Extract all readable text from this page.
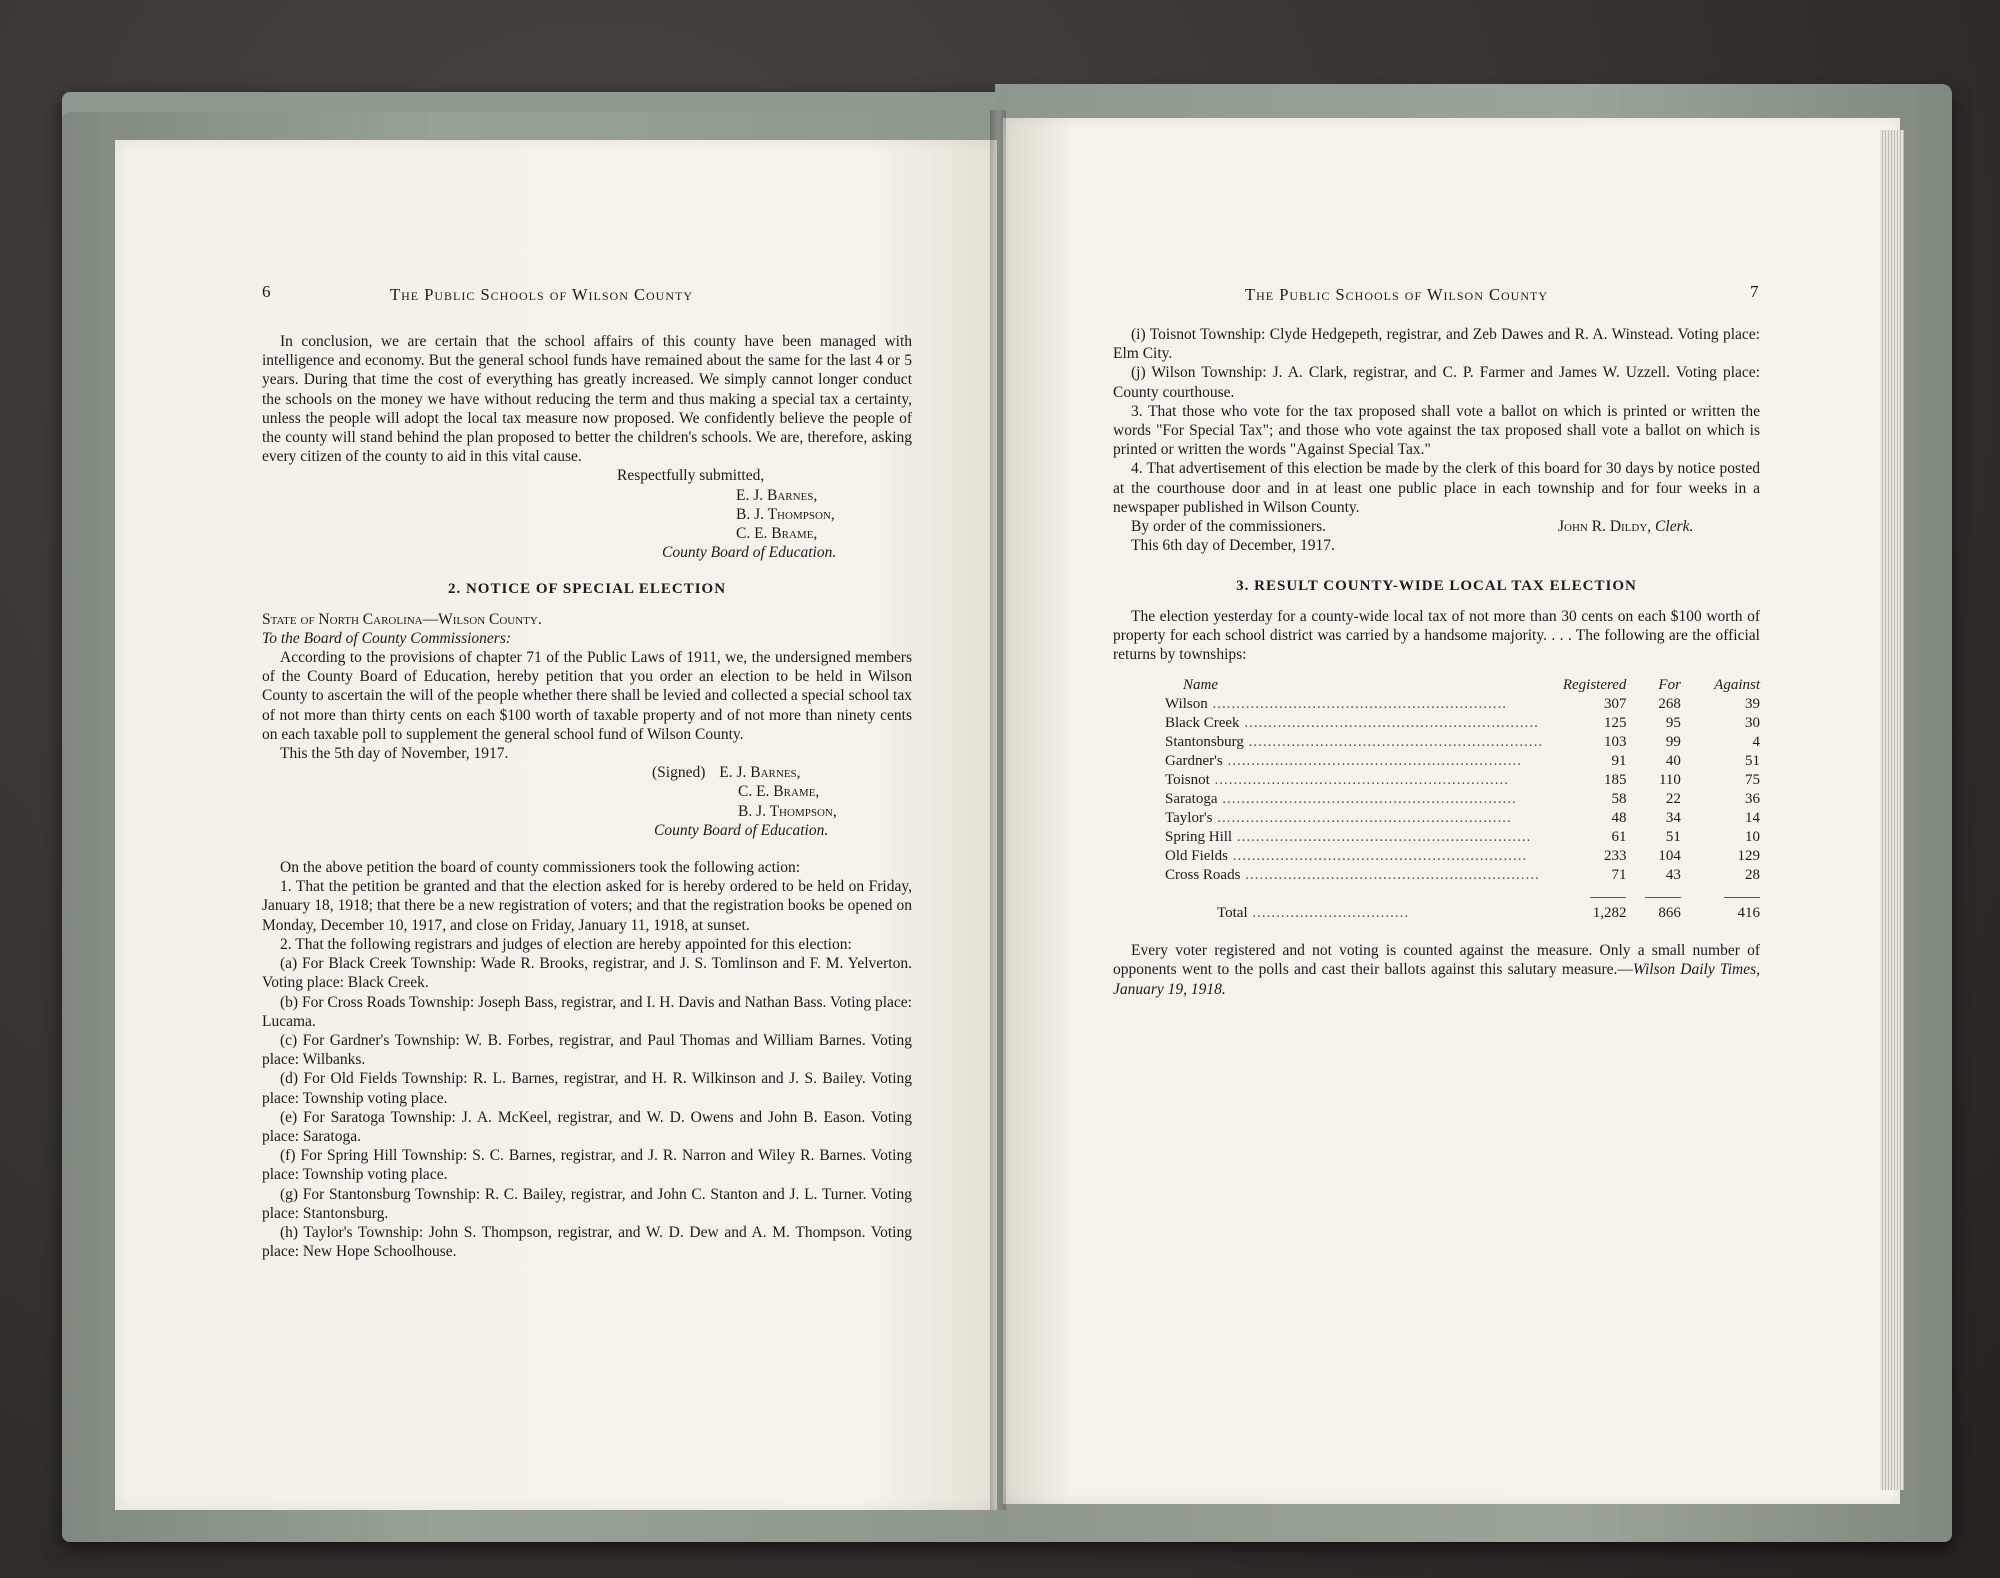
6	The Public Schools of Wilson County

In conclusion, we are certain that the school affairs of this county have been managed with intelligence and economy. But the general school funds have remained about the same for the last 4 or 5 years. During that time the cost of everything has greatly increased. We simply cannot longer conduct the schools on the money we have without reducing the term and thus making a special tax a certainty, unless the people will adopt the local tax measure now proposed. We confidently believe the people of the county will stand behind the plan proposed to better the children's schools. We are, therefore, asking every citizen of the county to aid in this vital cause.

Respectfully submitted,
E. J. Barnes,
B. J. Thompson,
C. E. Brame,
County Board of Education.
2. NOTICE OF SPECIAL ELECTION
State of North Carolina—Wilson County.
To the Board of County Commissioners:

According to the provisions of chapter 71 of the Public Laws of 1911, we, the undersigned members of the County Board of Education, hereby petition that you order an election to be held in Wilson County to ascertain the will of the people whether there shall be levied and collected a special school tax of not more than thirty cents on each $100 worth of taxable property and of not more than ninety cents on each taxable poll to supplement the general school fund of Wilson County.

This the 5th day of November, 1917.
(Signed) E. J. Barnes,
C. E. Brame,
B. J. Thompson,
County Board of Education.

On the above petition the board of county commissioners took the following action:

1. That the petition be granted and that the election asked for is hereby ordered to be held on Friday, January 18, 1918; that there be a new registration of voters; and that the registration books be opened on Monday, December 10, 1917, and close on Friday, January 11, 1918, at sunset.

2. That the following registrars and judges of election are hereby appointed for this election:

(a) For Black Creek Township: Wade R. Brooks, registrar, and J. S. Tomlinson and F. M. Yelverton. Voting place: Black Creek.

(b) For Cross Roads Township: Joseph Bass, registrar, and I. H. Davis and Nathan Bass. Voting place: Lucama.

(c) For Gardner's Township: W. B. Forbes, registrar, and Paul Thomas and William Barnes. Voting place: Wilbanks.

(d) For Old Fields Township: R. L. Barnes, registrar, and H. R. Wilkinson and J. S. Bailey. Voting place: Township voting place.

(e) For Saratoga Township: J. A. McKeel, registrar, and W. D. Owens and John B. Eason. Voting place: Saratoga.

(f) For Spring Hill Township: S. C. Barnes, registrar, and J. R. Narron and Wiley R. Barnes. Voting place: Township voting place.

(g) For Stantonsburg Township: R. C. Bailey, registrar, and John C. Stanton and J. L. Turner. Voting place: Stantonsburg.

(h) Taylor's Township: John S. Thompson, registrar, and W. D. Dew and A. M. Thompson. Voting place: New Hope Schoolhouse.

The Public Schools of Wilson County	7

(i) Toisnot Township: Clyde Hedgepeth, registrar, and Zeb Dawes and R. A. Winstead. Voting place: Elm City.

(j) Wilson Township: J. A. Clark, registrar, and C. P. Farmer and James W. Uzzell. Voting place: County courthouse.

3. That those who vote for the tax proposed shall vote a ballot on which is printed or written the words "For Special Tax"; and those who vote against the tax proposed shall vote a ballot on which is printed or written the words "Against Special Tax."

4. That advertisement of this election be made by the clerk of this board for 30 days by notice posted at the courthouse door and in at least one public place in each township and for four weeks in a newspaper published in Wilson County.

By order of the commissioners.	John R. Dildy, Clerk.
This 6th day of December, 1917.
3. RESULT COUNTY-WIDE LOCAL TAX ELECTION

The election yesterday for a county-wide local tax of not more than 30 cents on each $100 worth of property for each school district was carried by a handsome majority. . . . The following are the official returns by townships:

Name	Registered	For	Against
Wilson ..............................................................	307	268	39
Black Creek ..............................................................	125	95	30
Stantonsburg ..............................................................	103	99	4
Gardner's ..............................................................	91	40	51
Toisnot ..............................................................	185	110	75
Saratoga ..............................................................	58	22	36
Taylor's ..............................................................	48	34	14
Spring Hill ..............................................................	61	51	10
Old Fields ..............................................................	233	104	129
Cross Roads ..............................................................	71	43	28

Total .................................	1,282	866	416

Every voter registered and not voting is counted against the measure. Only a small number of opponents went to the polls and cast their ballots against this salutary measure.—Wilson Daily Times, January 19, 1918.
